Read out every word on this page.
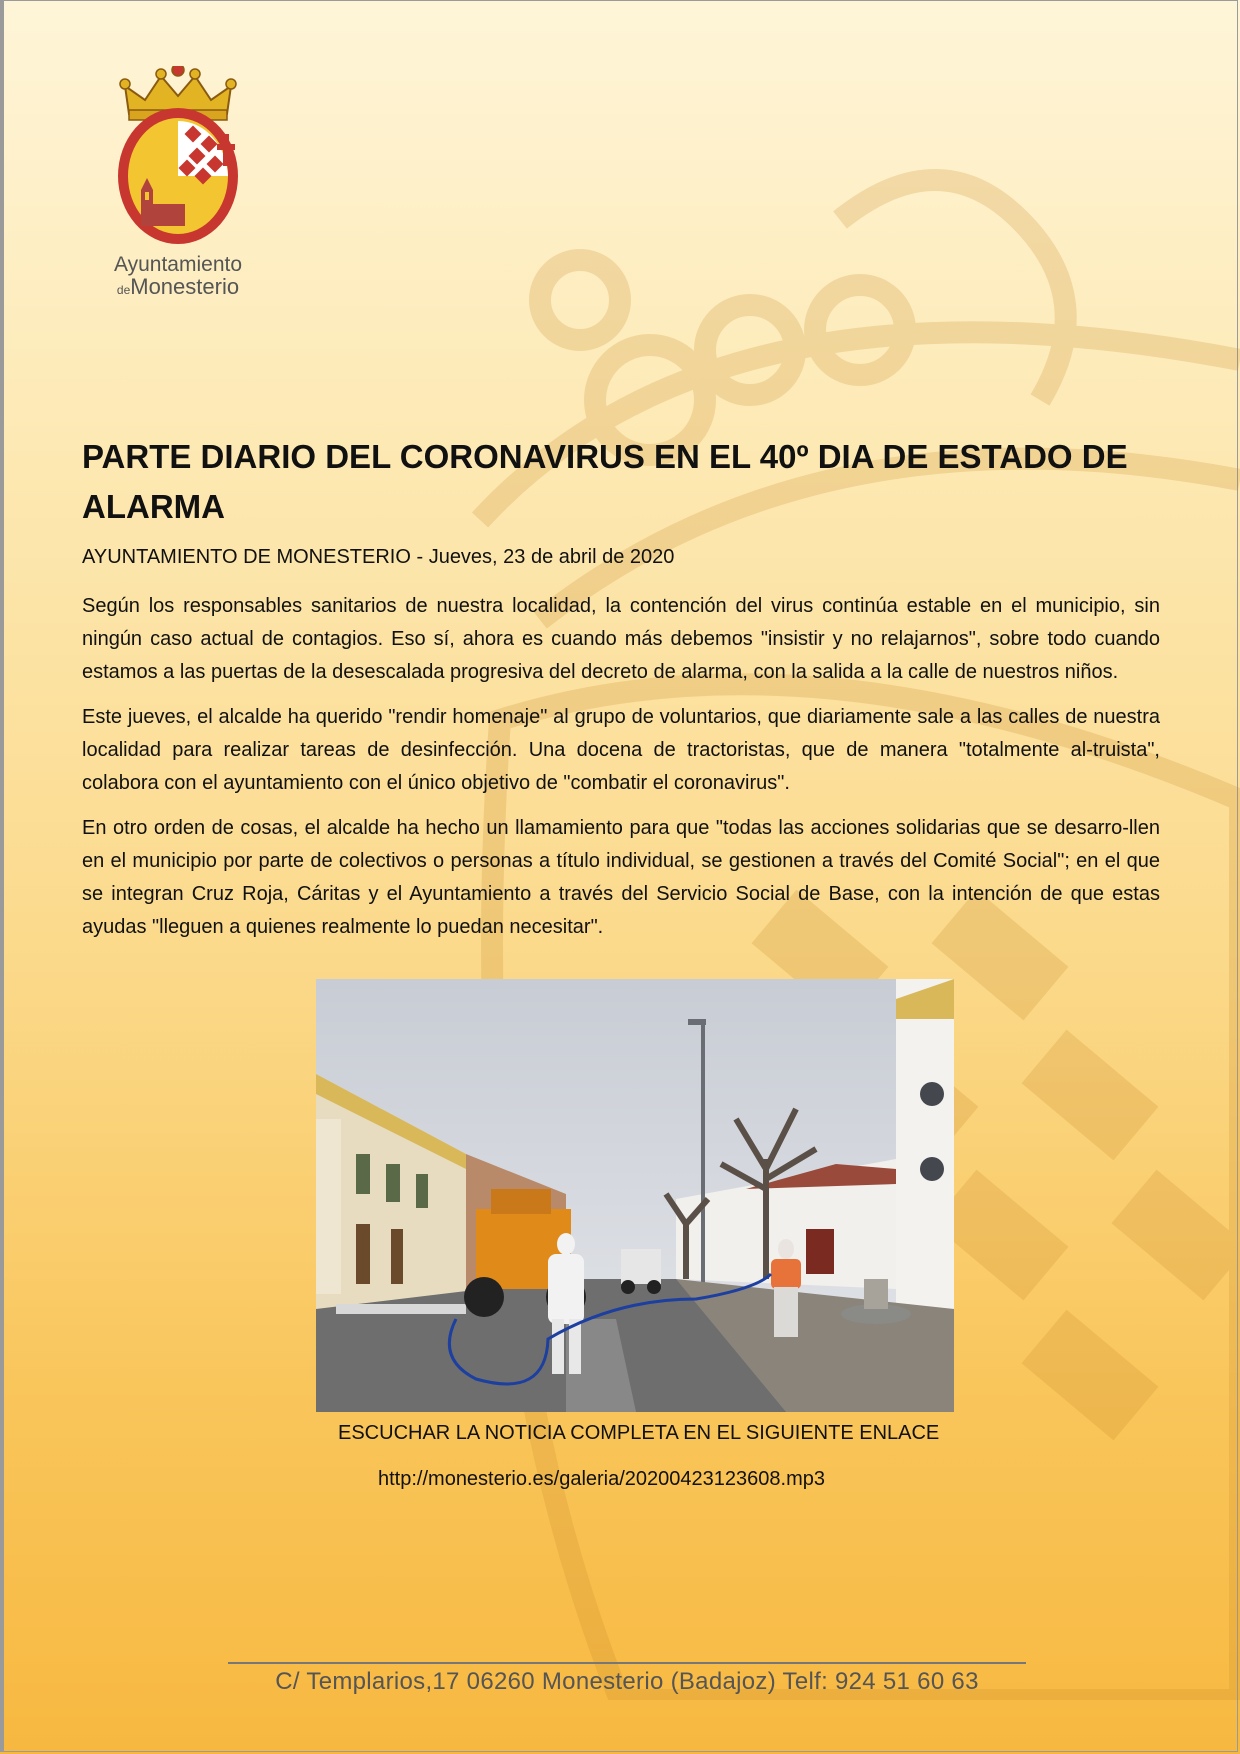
Ayuntamiento
deMonesterio
PARTE DIARIO DEL CORONAVIRUS EN EL 40º DIA DE ESTADO DE ALARMA
AYUNTAMIENTO DE MONESTERIO - Jueves, 23 de abril de 2020

Según los responsables sanitarios de nuestra localidad, la contención del virus continúa estable en el municipio, sin ningún caso actual de contagios. Eso sí, ahora es cuando más debemos "insistir y no relajarnos", sobre todo cuando estamos a las puertas de la desescalada progresiva del decreto de alarma, con la salida a la calle de nuestros niños.

Este jueves, el alcalde ha querido "rendir homenaje" al grupo de voluntarios, que diariamente sale a las calles de nuestra localidad para realizar tareas de desinfección. Una docena de tractoristas, que de manera "totalmente al-truista", colabora con el ayuntamiento con el único objetivo de "combatir el coronavirus".

En otro orden de cosas, el alcalde ha hecho un llamamiento para que "todas las acciones solidarias que se desarro-llen en el municipio por parte de colectivos o personas a título individual, se gestionen a través del Comité Social"; en el que se integran Cruz Roja, Cáritas y el Ayuntamiento a través del Servicio Social de Base, con la intención de que estas ayudas "lleguen a quienes realmente lo puedan necesitar".

ESCUCHAR LA NOTICIA COMPLETA EN EL SIGUIENTE ENLACE
http://monesterio.es/galeria/20200423123608.mp3
C/ Templarios,17 06260 Monesterio (Badajoz) Telf: 924 51 60 63
